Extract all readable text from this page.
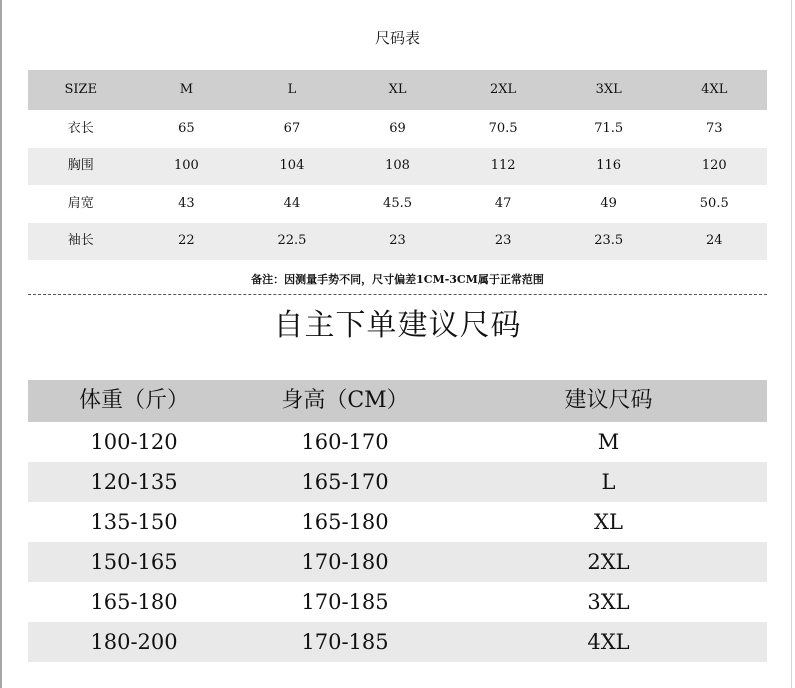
尺码表
SIZE	M	L	XL	2XL	3XL	4XL
衣长	65	67	69	70.5	71.5	73
胸围	100	104	108	112	116	120
肩宽	43	44	45.5	47	49	50.5
袖长	22	22.5	23	23	23.5	24
备注：因测量手势不同，尺寸偏差1CM-3CM属于正常范围
自主下单建议尺码
体重（斤）	身高（CM）	建议尺码
100-120	160-170	M
120-135	165-170	L
135-150	165-180	XL
150-165	170-180	2XL
165-180	170-185	3XL
180-200	170-185	4XL
